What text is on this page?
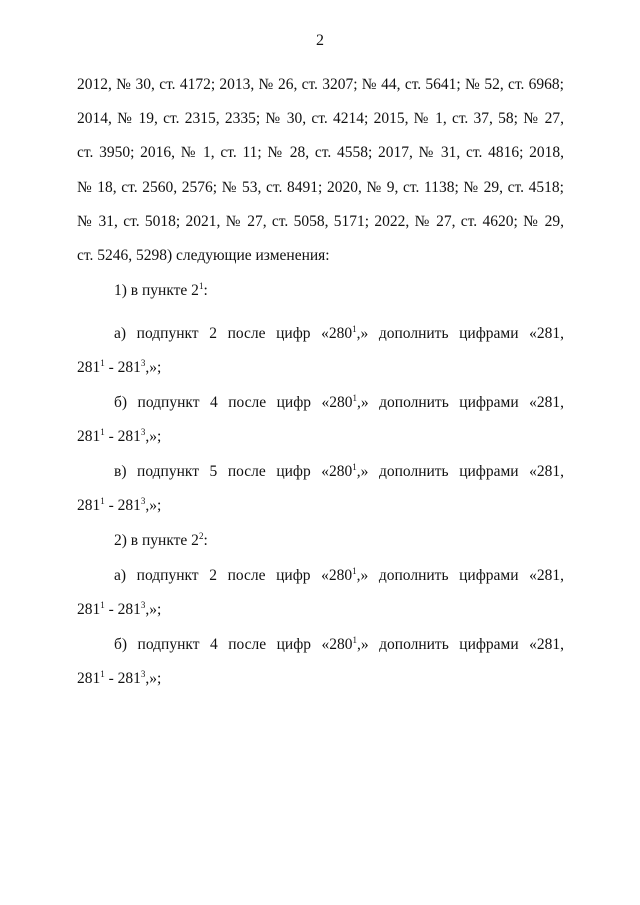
2
2012, № 30, ст. 4172; 2013, № 26, ст. 3207; № 44, ст. 5641; № 52, ст. 6968;
2014, № 19, ст. 2315, 2335; № 30, ст. 4214; 2015, № 1, ст. 37, 58; № 27,
ст. 3950; 2016, № 1, ст. 11; № 28, ст. 4558; 2017, № 31, ст. 4816; 2018,
№ 18, ст. 2560, 2576; № 53, ст. 8491; 2020, № 9, ст. 1138; № 29, ст. 4518;
№ 31, ст. 5018; 2021, № 27, ст. 5058, 5171; 2022, № 27, ст. 4620; № 29,
ст. 5246, 5298) следующие изменения:
1) в пункте $2^1$:
а) подпункт 2 после цифр «$280^1$,» дополнить цифрами «281,
$281^1 - 281^3$,»;
б) подпункт 4 после цифр «$280^1$,» дополнить цифрами «281,
$281^1 - 281^3$,»;
в) подпункт 5 после цифр «$280^1$,» дополнить цифрами «281,
$281^1 - 281^3$,»;
2) в пункте $2^2$:
а) подпункт 2 после цифр «$280^1$,» дополнить цифрами «281,
$281^1 - 281^3$,»;
б) подпункт 4 после цифр «$280^1$,» дополнить цифрами «281,
$281^1 - 281^3$,»;
